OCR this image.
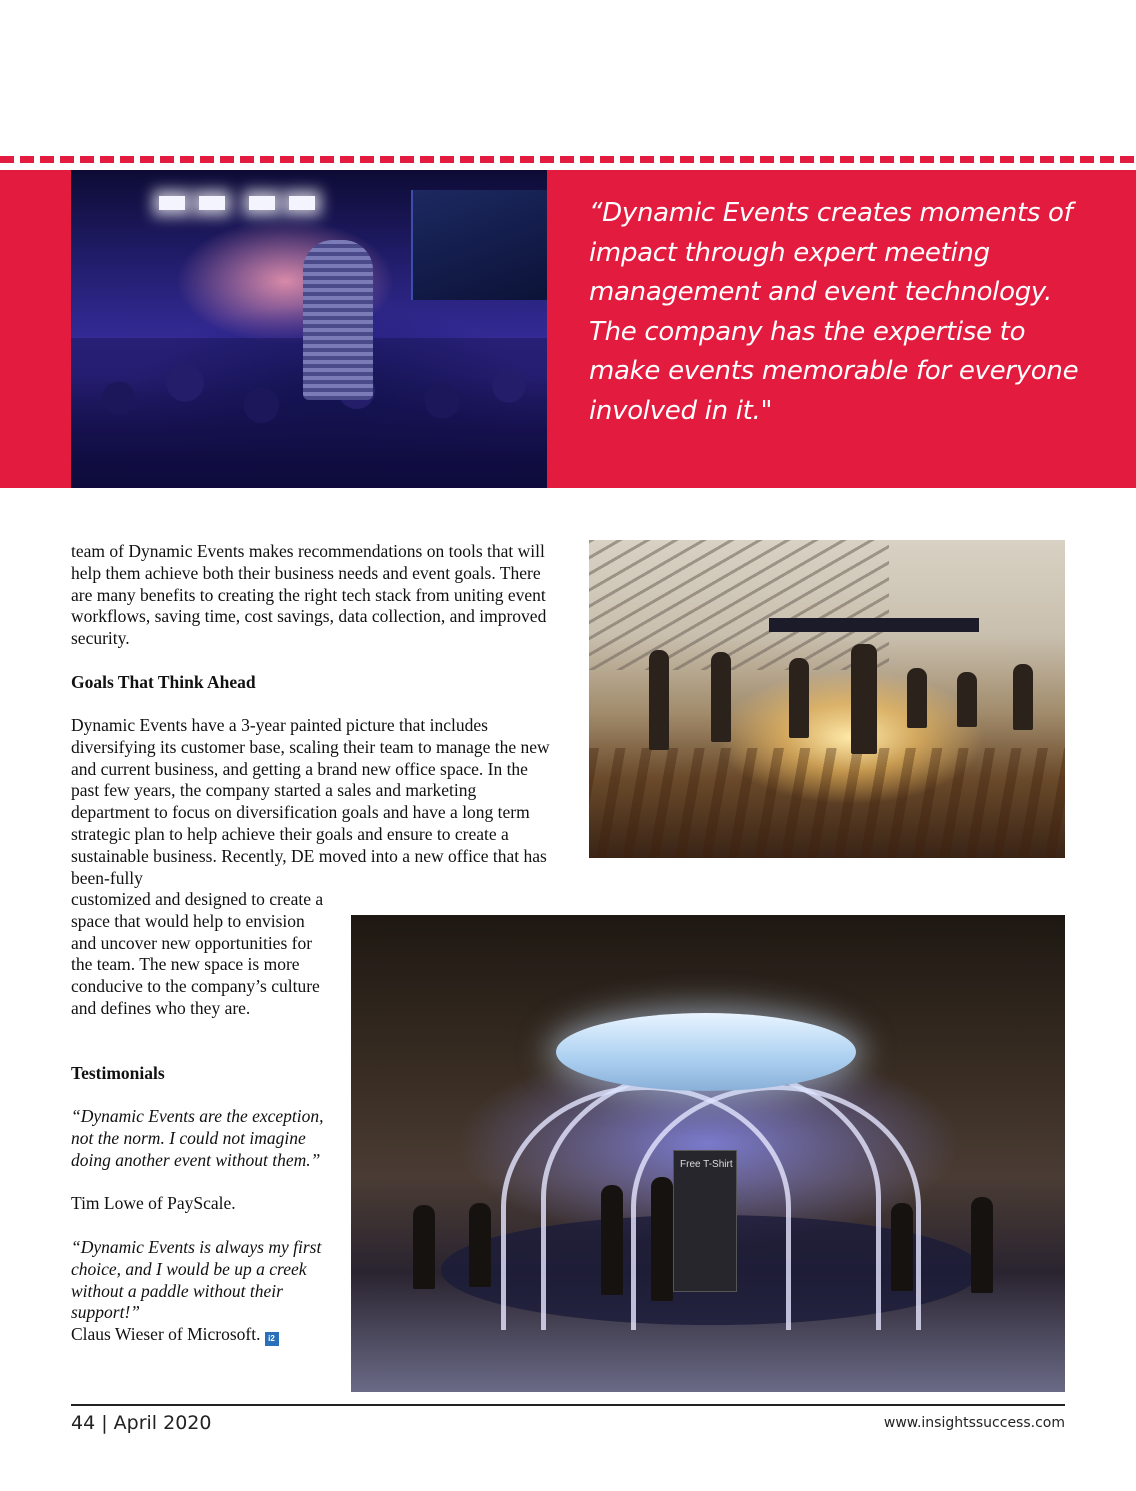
“Dynamic Events creates moments of impact through expert meeting management and event technology. The company has the expertise to make events memorable for everyone involved in it."
Free T-Shirt

team of Dynamic Events makes recommendations on tools that will help them achieve both their business needs and event goals. There are many benefits to creating the right tech stack from uniting event workflows, saving time, cost savings, data collection, and improved security.

Goals That Think Ahead

Dynamic Events have a 3-year painted picture that includes diversifying its customer base, scaling their team to manage the new and current business, and getting a brand new office space. In the past few years, the company started a sales and marketing department to focus on diversification goals and have a long term strategic plan to help achieve their goals and ensure to create a sustainable business. Recently, DE moved into a new office that has been-fully

customized and designed to create a space that would help to envision and uncover new opportunities for the team. The new space is more conducive to the company’s culture and defines who they are.

Testimonials

“Dynamic Events are the exception, not the norm. I could not imagine doing another event without them.”

Tim Lowe of PayScale.

“Dynamic Events is always my first choice, and I would be up a creek without a paddle without their support!”

Claus Wieser of Microsoft. i2

44 | April 2020	www.insightssuccess.com
